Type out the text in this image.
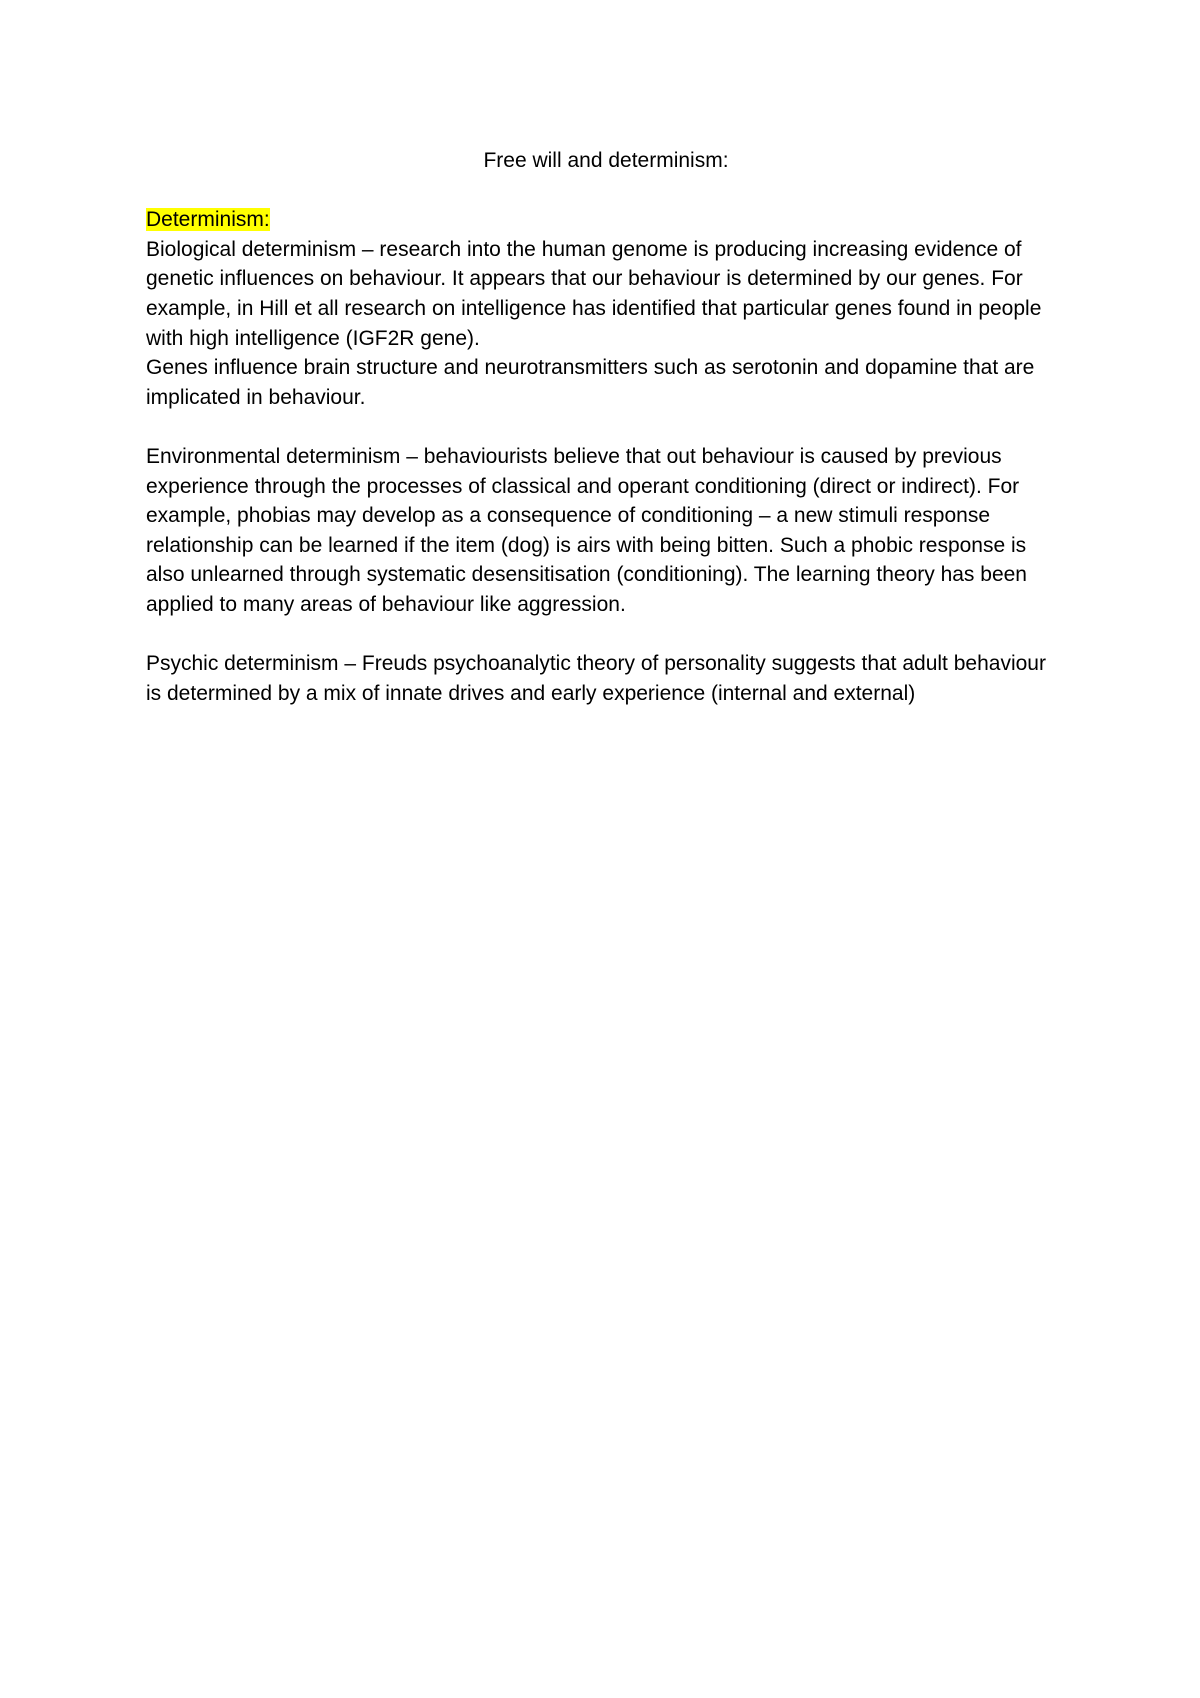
Free will and determinism:
Determinism:

Biological determinism – research into the human genome is producing increasing evidence of genetic influences on behaviour. It appears that our behaviour is determined by our genes. For example, in Hill et all research on intelligence has identified that particular genes found in people with high intelligence (IGF2R gene).

Genes influence brain structure and neurotransmitters such as serotonin and dopamine that are implicated in behaviour.

Environmental determinism – behaviourists believe that out behaviour is caused by previous experience through the processes of classical and operant conditioning (direct or indirect). For example, phobias may develop as a consequence of conditioning – a new stimuli response relationship can be learned if the item (dog) is airs with being bitten. Such a phobic response is also unlearned through systematic desensitisation (conditioning). The learning theory has been applied to many areas of behaviour like aggression.

Psychic determinism – Freuds psychoanalytic theory of personality suggests that adult behaviour is determined by a mix of innate drives and early experience (internal and external)
